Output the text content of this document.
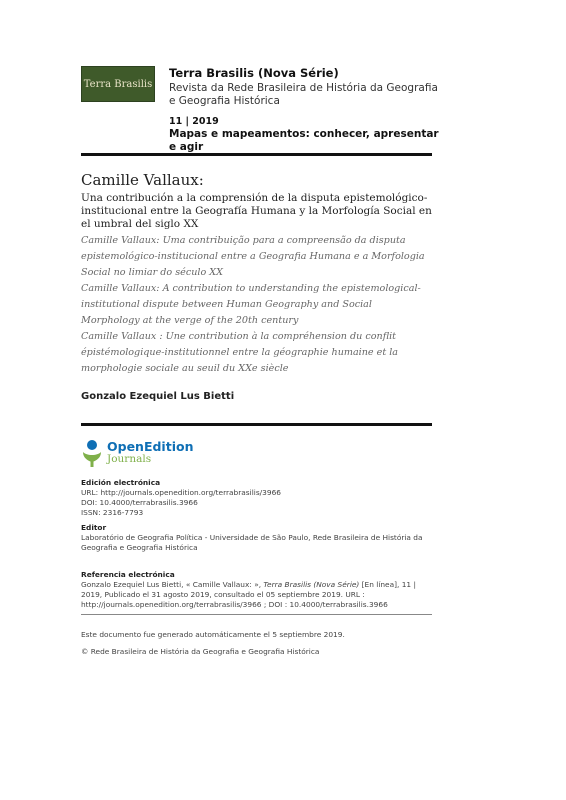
Terra Brasilis
Terra Brasilis (Nova Série)
Revista da Rede Brasileira de História da Geografia e Geografia Histórica
11 | 2019
Mapas e mapeamentos: conhecer, apresentar e agir
Camille Vallaux:
Una contribución a la comprensión de la disputa epistemológico-institucional entre la Geografía Humana y la Morfología Social en el umbral del siglo XX
Camille Vallaux: Uma contribuição para a compreensão da disputa epistemológico-institucional entre a Geografia Humana e a Morfologia Social no limiar do século XX
Camille Vallaux: A contribution to understanding the epistemological-institutional dispute between Human Geography and Social Morphology at the verge of the 20th century
Camille Vallaux : Une contribution à la compréhension du conflit épistémologique-institutionnel entre la géographie humaine et la morphologie sociale au seuil du XXe siècle
Gonzalo Ezequiel Lus Bietti
OpenEdition
Journals
Edición electrónica
URL: http://journals.openedition.org/terrabrasilis/3966
DOI: 10.4000/terrabrasilis.3966
ISSN: 2316-7793
Editor
Laboratório de Geografia Política - Universidade de São Paulo, Rede Brasileira de História da Geografia e Geografia Histórica
Referencia electrónica
Gonzalo Ezequiel Lus Bietti, « Camille Vallaux: », Terra Brasilis (Nova Série) [En línea], 11 | 2019, Publicado el 31 agosto 2019, consultado el 05 septiembre 2019. URL : http://journals.openedition.org/terrabrasilis/3966 ; DOI : 10.4000/terrabrasilis.3966
Este documento fue generado automáticamente el 5 septiembre 2019.
© Rede Brasileira de História da Geografia e Geografia Histórica
